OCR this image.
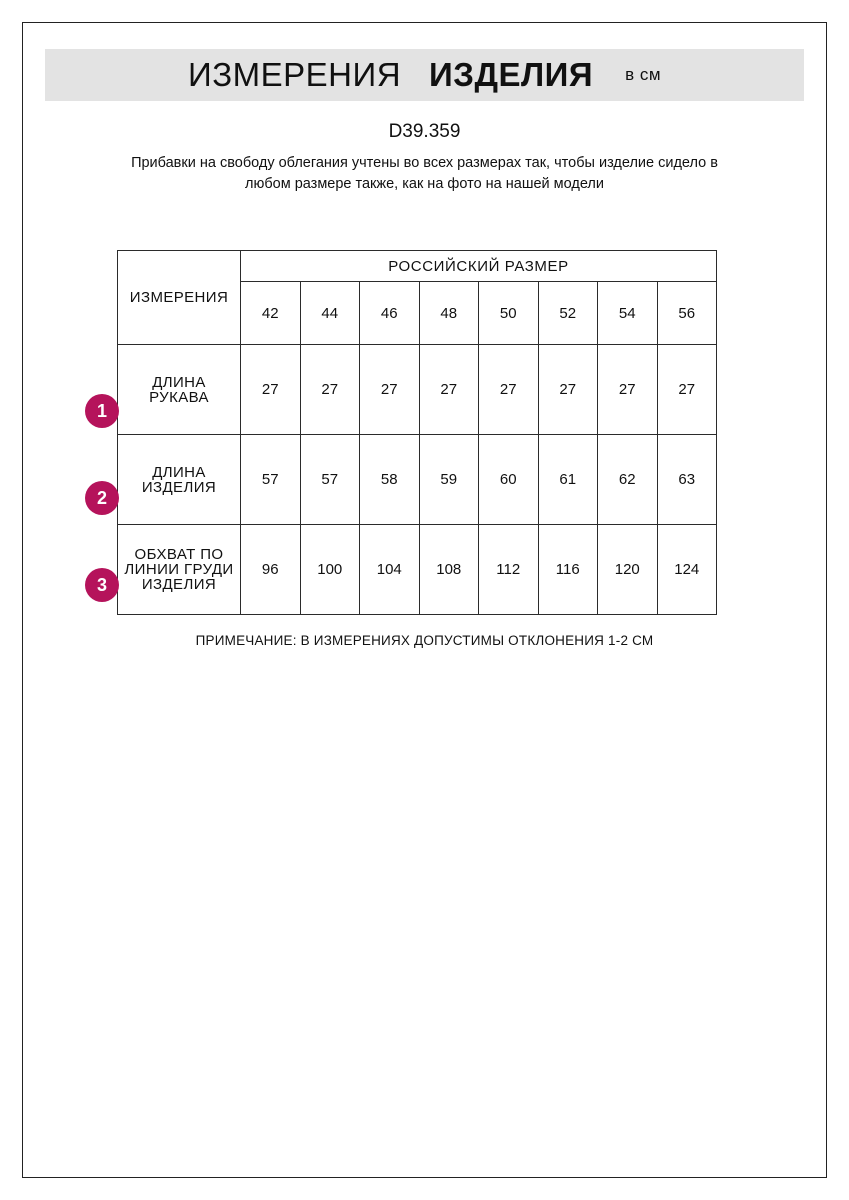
ИЗМЕРЕНИЯ ИЗДЕЛИЯ в см
D39.359
Прибавки на свободу облегания учтены во всех размерах так, чтобы изделие сидело в любом размере также, как на фото на нашей модели
1
2
3
ИЗМЕРЕНИЯ	РОССИЙСКИЙ РАЗМЕР							
	42	44	46	48	50	52	54	56
ДЛИНА РУКАВА	27	27	27	27	27	27	27	27
ДЛИНА ИЗДЕЛИЯ	57	57	58	59	60	61	62	63
ОБХВАТ ПО ЛИНИИ ГРУДИ ИЗДЕЛИЯ	96	100	104	108	112	116	120	124
ПРИМЕЧАНИЕ: В ИЗМЕРЕНИЯХ ДОПУСТИМЫ ОТКЛОНЕНИЯ 1-2 СМ
